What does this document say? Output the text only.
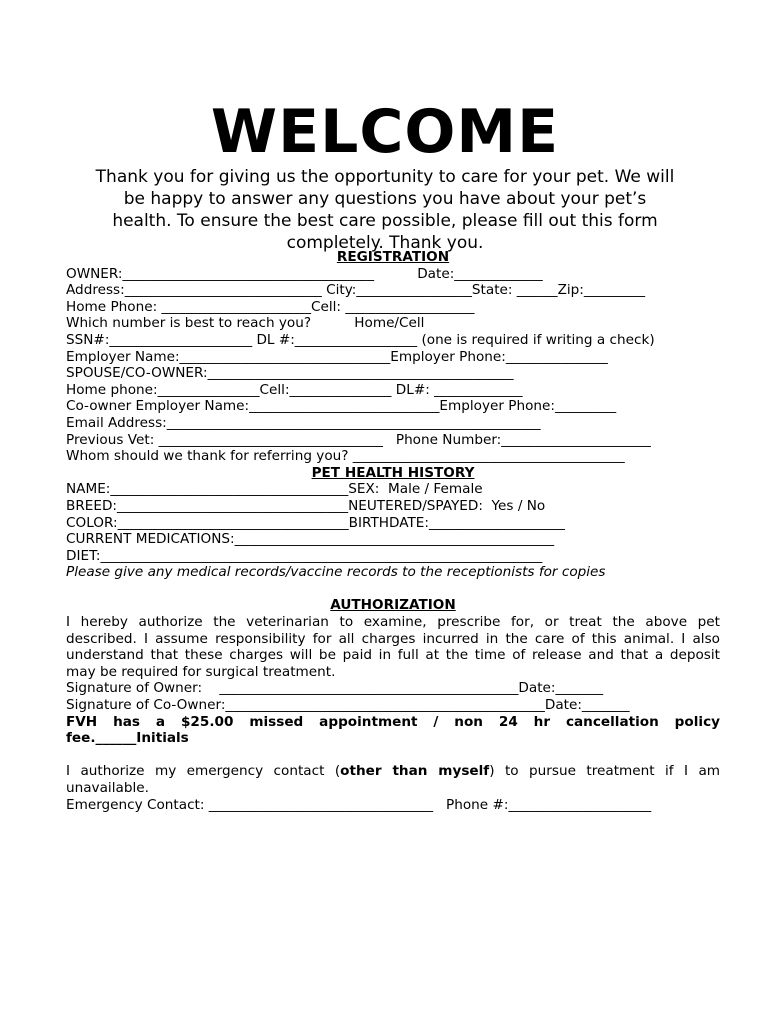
WELCOME
Thank you for giving us the opportunity to care for your pet. We will be happy to answer any questions you have about your pet’s health. To ensure the best care possible, please fill out this form completely. Thank you.
REGISTRATION
OWNER:_____________________________________          Date:_____________
Address:_____________________________ City:_________________State: ______Zip:_________
Home Phone: ______________________Cell: ___________________
Which number is best to reach you?          Home/Cell
SSN#:_____________________ DL #:__________________ (one is required if writing a check)
Employer Name:_______________________________Employer Phone:_______________
SPOUSE/CO-OWNER:_____________________________________________
Home phone:_______________Cell:_______________ DL#: _____________
Co-owner Employer Name:____________________________Employer Phone:_________
Email Address:_______________________________________________________
Previous Vet: _________________________________   Phone Number:______________________
Whom should we thank for referring you? ________________________________________
PET HEALTH HISTORY
NAME:___________________________________SEX:  Male / Female
BREED:__________________________________NEUTERED/SPAYED:  Yes / No
COLOR:__________________________________BIRTHDATE:____________________
CURRENT MEDICATIONS:_______________________________________________
DIET:_________________________________________________________________
Please give any medical records/vaccine records to the receptionists for copies
AUTHORIZATION
I hereby authorize the veterinarian to examine, prescribe for, or treat the above pet
described. I assume responsibility for all charges incurred in the care of this animal. I also
understand that these charges will be paid in full at the time of release and that a deposit
may be required for surgical treatment.
Signature of Owner:    ____________________________________________Date:_______
Signature of Co-Owner:_______________________________________________Date:_______
FVH has a $25.00 missed appointment / non 24 hr cancellation policy
fee.______Initials
I authorize my emergency contact (other than myself) to pursue treatment if I am
unavailable.
Emergency Contact: _________________________________   Phone #:_____________________
